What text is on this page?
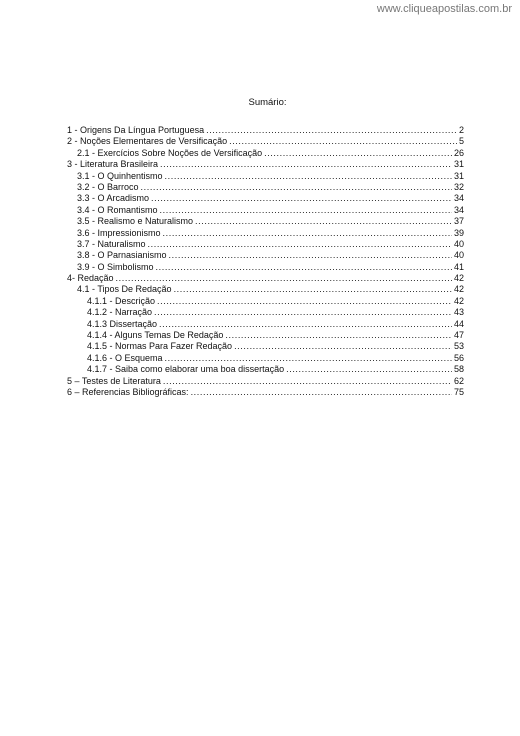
www.cliqueapostilas.com.br
Sumário:
1 - Origens Da Língua Portuguesa .....	2
2 - Noções Elementares de Versificação .....	5
2.1 - Exercícios Sobre Noções de Versificação .....	26
3 - Literatura Brasileira .....	31
3.1 - O Quinhentismo .....	31
3.2 - O Barroco .....	32
3.3 - O Arcadismo .....	34
3.4 - O Romantismo .....	34
3.5 - Realismo e Naturalismo .....	37
3.6 - Impressionismo .....	39
3.7 - Naturalismo .....	40
3.8 - O Parnasianismo .....	40
3.9 - O Simbolismo .....	41
4- Redação .....	42
4.1 - Tipos De Redação .....	42
4.1.1 - Descrição .....	42
4.1.2 - Narração .....	43
4.1.3 Dissertação .....	44
4.1.4 - Alguns Temas De Redação .....	47
4.1.5 - Normas Para Fazer Redação .....	53
4.1.6 - O Esquema .....	56
4.1.7 - Saiba como elaborar uma boa dissertação .....	58
5 – Testes de Literatura .....	62
6 – Referencias Bibliográficas: .....	75
